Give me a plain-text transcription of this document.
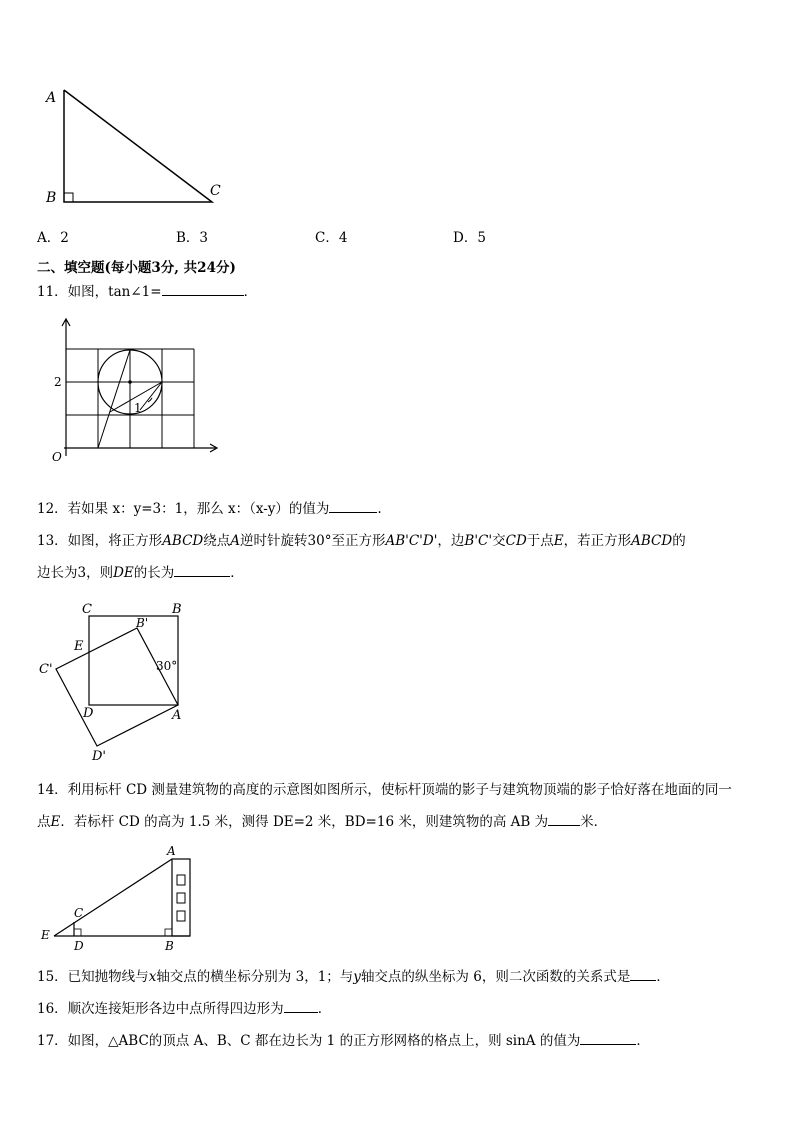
A
B	C
A．2	B．3	C．4	D．5
二、填空题(每小题3分, 共24分)
11．如图，tan∠1=	．
1
2
O
12．若如果 x：y=3：1，那么 x：（x-y）的值为	.
13．如图，将正方形ABCD绕点A逆时针旋转30°至正方形AB'C'D'，边B'C'交CD于点E，若正方形ABCD的
边长为3，则DE的长为	．
C	B
B'
E
C'
D	A
D'
30°
14．利用标杆 CD 测量建筑物的高度的示意图如图所示，使标杆顶端的影子与建筑物顶端的影子恰好落在地面的同一
点E．若标杆 CD 的高为 1.5 米，测得 DE=2 米，BD=16 米，则建筑物的高 AB 为 米．
A
C
E
D	B
15．已知抛物线与x轴交点的横坐标分别为 3，1；与y轴交点的纵坐标为 6，则二次函数的关系式是 ．
16．顺次连接矩形各边中点所得四边形为	．
17．如图，△ABC的顶点 A、B、C 都在边长为 1 的正方形网格的格点上，则 sinA 的值为	．
